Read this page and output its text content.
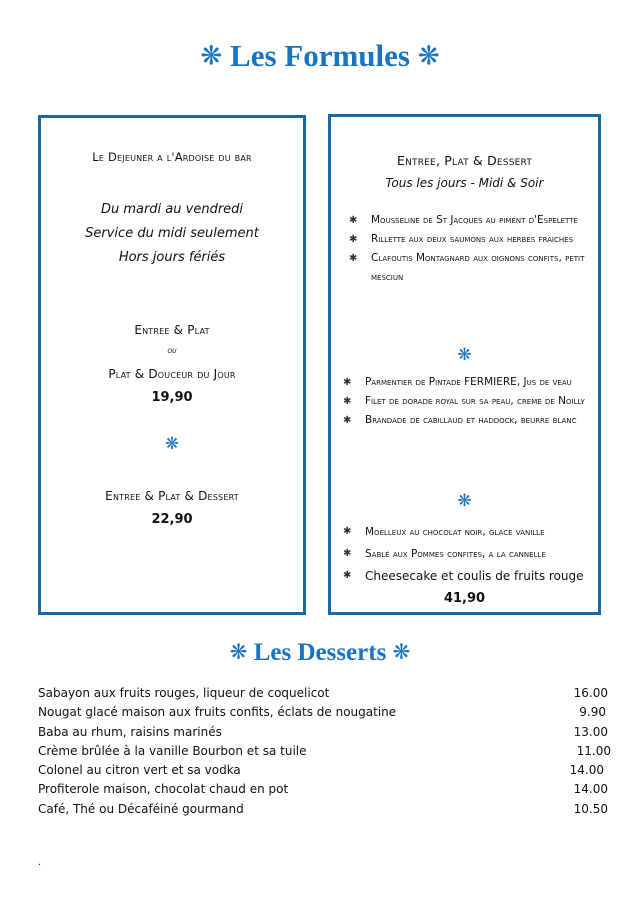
❋ Les Formules ❋
Le Dejeuner a l'Ardoise du bar
Du mardi au vendredi
Service du midi seulement
Hors jours fériés
Entree & Plat
ou
Plat & Douceur du Jour
19,90
❋
Entree & Plat & Dessert
22,90
Entree, Plat & Dessert
Tous les jours - Midi & Soir
✱ Mousseline de St Jacques au piment d'Espelette
✱ Rillette aux deux saumons aux herbes fraiches
✱ Clafoutis Montagnard aux oignons confits, petit mesciun
❋
✱ Parmentier de Pintade FERMIERE, Jus de veau
✱ Filet de dorade royal sur sa peau, creme de Noilly
✱ Brandade de cabillaud et haddock, beurre blanc
❋
✱ Moelleux au chocolat noir, glace vanille
✱ Sablé aux Pommes confites, a la cannelle
✱ Cheesecake et coulis de fruits rouge
41,90
❋ Les Desserts ❋
Sabayon aux fruits rouges, liqueur de coquelicot	16.00
Nougat glacé maison aux fruits confits, éclats de nougatine	9.90
Baba au rhum, raisins marinés	13.00
Crème brûlée à la vanille Bourbon et sa tuile	11.00
Colonel au citron vert et sa vodka	14.00
Profiterole maison, chocolat chaud en pot	14.00
Café, Thé ou Décaféiné gourmand	10.50
.
